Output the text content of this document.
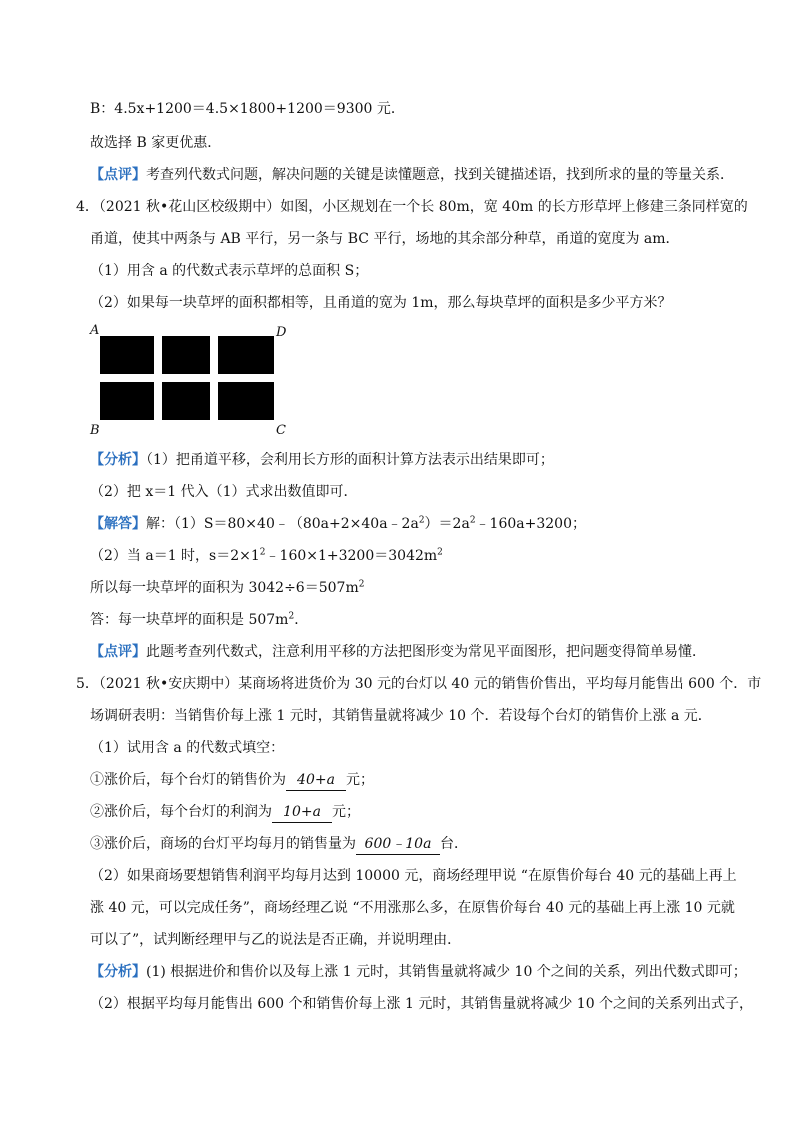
B：4.5x+1200＝4.5×1800+1200＝9300 元．
故选择 B 家更优惠．
【点评】考查列代数式问题，解决问题的关键是读懂题意，找到关键描述语，找到所求的量的等量关系．
4．（2021 秋•花山区校级期中）如图，小区规划在一个长 80m，宽 40m 的长方形草坪上修建三条同样宽的
甬道，使其中两条与 AB 平行，另一条与 BC 平行，场地的其余部分种草，甬道的宽度为 am．
（1）用含 a 的代数式表示草坪的总面积 S；
（2）如果每一块草坪的面积都相等，且甬道的宽为 1m，那么每块草坪的面积是多少平方米？
A	D
B	C
【分析】（1）把甬道平移，会利用长方形的面积计算方法表示出结果即可；
（2）把 x＝1 代入（1）式求出数值即可．
【解答】解：$(1)S=80\times 40﹣(80a+2\times 40a﹣2a^2)=2a^2﹣160a+3200$；
（2）当 a＝1 时，$s=2\times 1^2﹣160\times 1+3200=3042m^2$
所以每一块草坪的面积为 $3042\div 6=507m^2$
答：每一块草坪的面积是 $507m^2$．
【点评】此题考查列代数式，注意利用平移的方法把图形变为常见平面图形，把问题变得简单易懂．
5．（2021 秋•安庆期中）某商场将进货价为 30 元的台灯以 40 元的销售价售出，平均每月能售出 600 个．市
场调研表明：当销售价每上涨 1 元时，其销售量就将减少 10 个．若设每个台灯的销售价上涨 a 元．
（1）试用含 a 的代数式填空：
①涨价后，每个台灯的销售价为 40+a 元；
②涨价后，每个台灯的利润为 10+a 元；
③涨价后，商场的台灯平均每月的销售量为 600﹣10a 台．
（2）如果商场要想销售利润平均每月达到 10000 元，商场经理甲说 “在原售价每台 40 元的基础上再上
涨 40 元，可以完成任务”，商场经理乙说 “不用涨那么多，在原售价每台 40 元的基础上再上涨 10 元就
可以了”，试判断经理甲与乙的说法是否正确，并说明理由．
【分析】(1) 根据进价和售价以及每上涨 1 元时，其销售量就将减少 10 个之间的关系，列出代数式即可；
（2）根据平均每月能售出 600 个和销售价每上涨 1 元时，其销售量就将减少 10 个之间的关系列出式子，
